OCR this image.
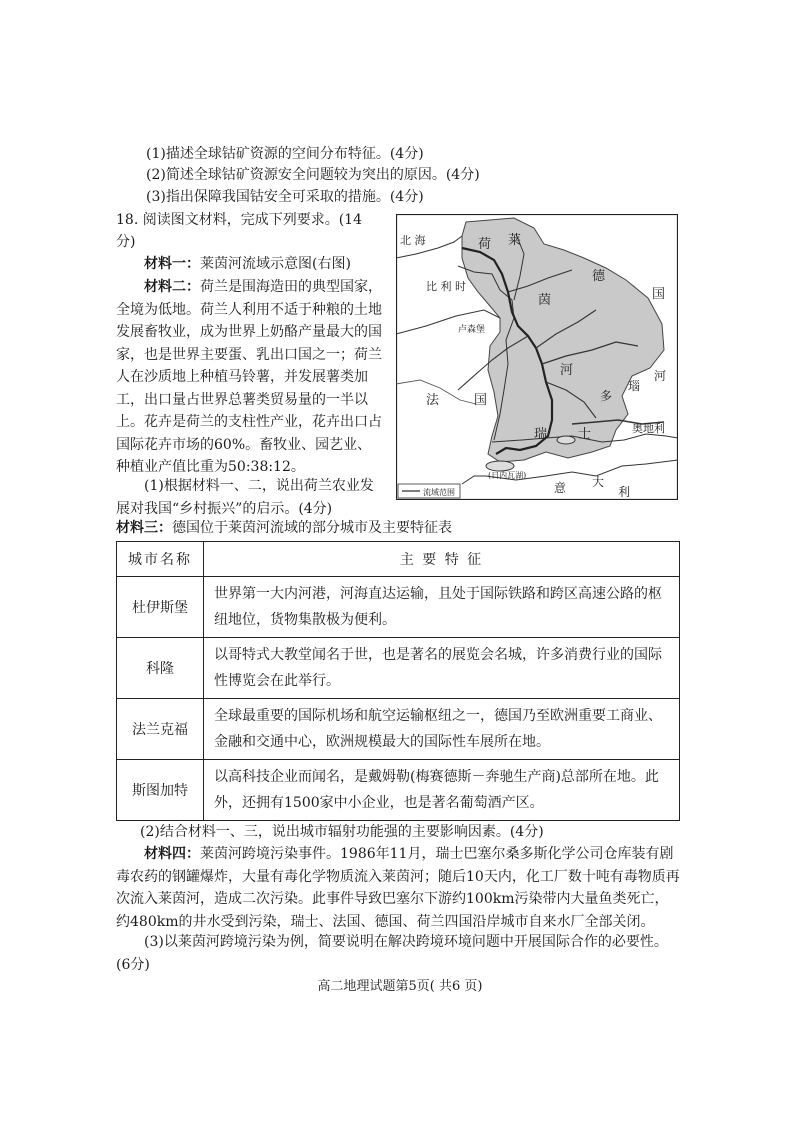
(1)描述全球钴矿资源的空间分布特征。(4分)
(2)简述全球钴矿资源安全问题较为突出的原因。(4分)
(3)指出保障我国钴安全可采取的措施。(4分)
18. 阅读图文材料，完成下列要求。(14
分)
材料一：莱茵河流域示意图(右图)
材料二：荷兰是围海造田的典型国家，全境为低地。荷兰人利用不适于种粮的土地发展畜牧业，成为世界上奶酪产量最大的国家，也是世界主要蛋、乳出口国之一；荷兰人在沙质地上种植马铃薯，并发展薯类加工，出口量占世界总薯类贸易量的一半以上。花卉是荷兰的支柱性产业，花卉出口占国际花卉市场的60%。畜牧业、园艺业、种植业产值比重为50:38:12。
(1)根据材料一、二，说出荷兰农业发展对我国“乡村振兴”的启示。(4分)
北 海	荷
比 利 时
德
国
法	国
卢森堡
莱
茵
河
多
瑙
河
瑞 士	奥地利
意 大
利
(日内瓦湖)
流域范围
材料三：德国位于莱茵河流域的部分城市及主要特征表
城市名称	主 要 特 征
杜伊斯堡	世界第一大内河港，河海直达运输，且处于国际铁路和跨区高速公路的枢纽地位，货物集散极为便利。
科隆	以哥特式大教堂闻名于世，也是著名的展览会名城，许多消费行业的国际性博览会在此举行。
法兰克福	全球最重要的国际机场和航空运输枢纽之一，德国乃至欧洲重要工商业、金融和交通中心，欧洲规模最大的国际性车展所在地。
斯图加特	以高科技企业而闻名，是戴姆勒(梅赛德斯－奔驰生产商)总部所在地。此外，还拥有1500家中小企业，也是著名葡萄酒产区。
(2)结合材料一、三，说出城市辐射功能强的主要影响因素。(4分)
材料四：莱茵河跨境污染事件。1986年11月，瑞士巴塞尔桑多斯化学公司仓库装有剧毒农药的钢罐爆炸，大量有毒化学物质流入莱茵河；随后10天内，化工厂数十吨有毒物质再次流入莱茵河，造成二次污染。此事件导致巴塞尔下游约100km污染带内大量鱼类死亡，约480km的井水受到污染，瑞士、法国、德国、荷兰四国沿岸城市自来水厂全部关闭。
(3)以莱茵河跨境污染为例，简要说明在解决跨境环境问题中开展国际合作的必要性。(6分)
高二地理试题第5页( 共6 页)
